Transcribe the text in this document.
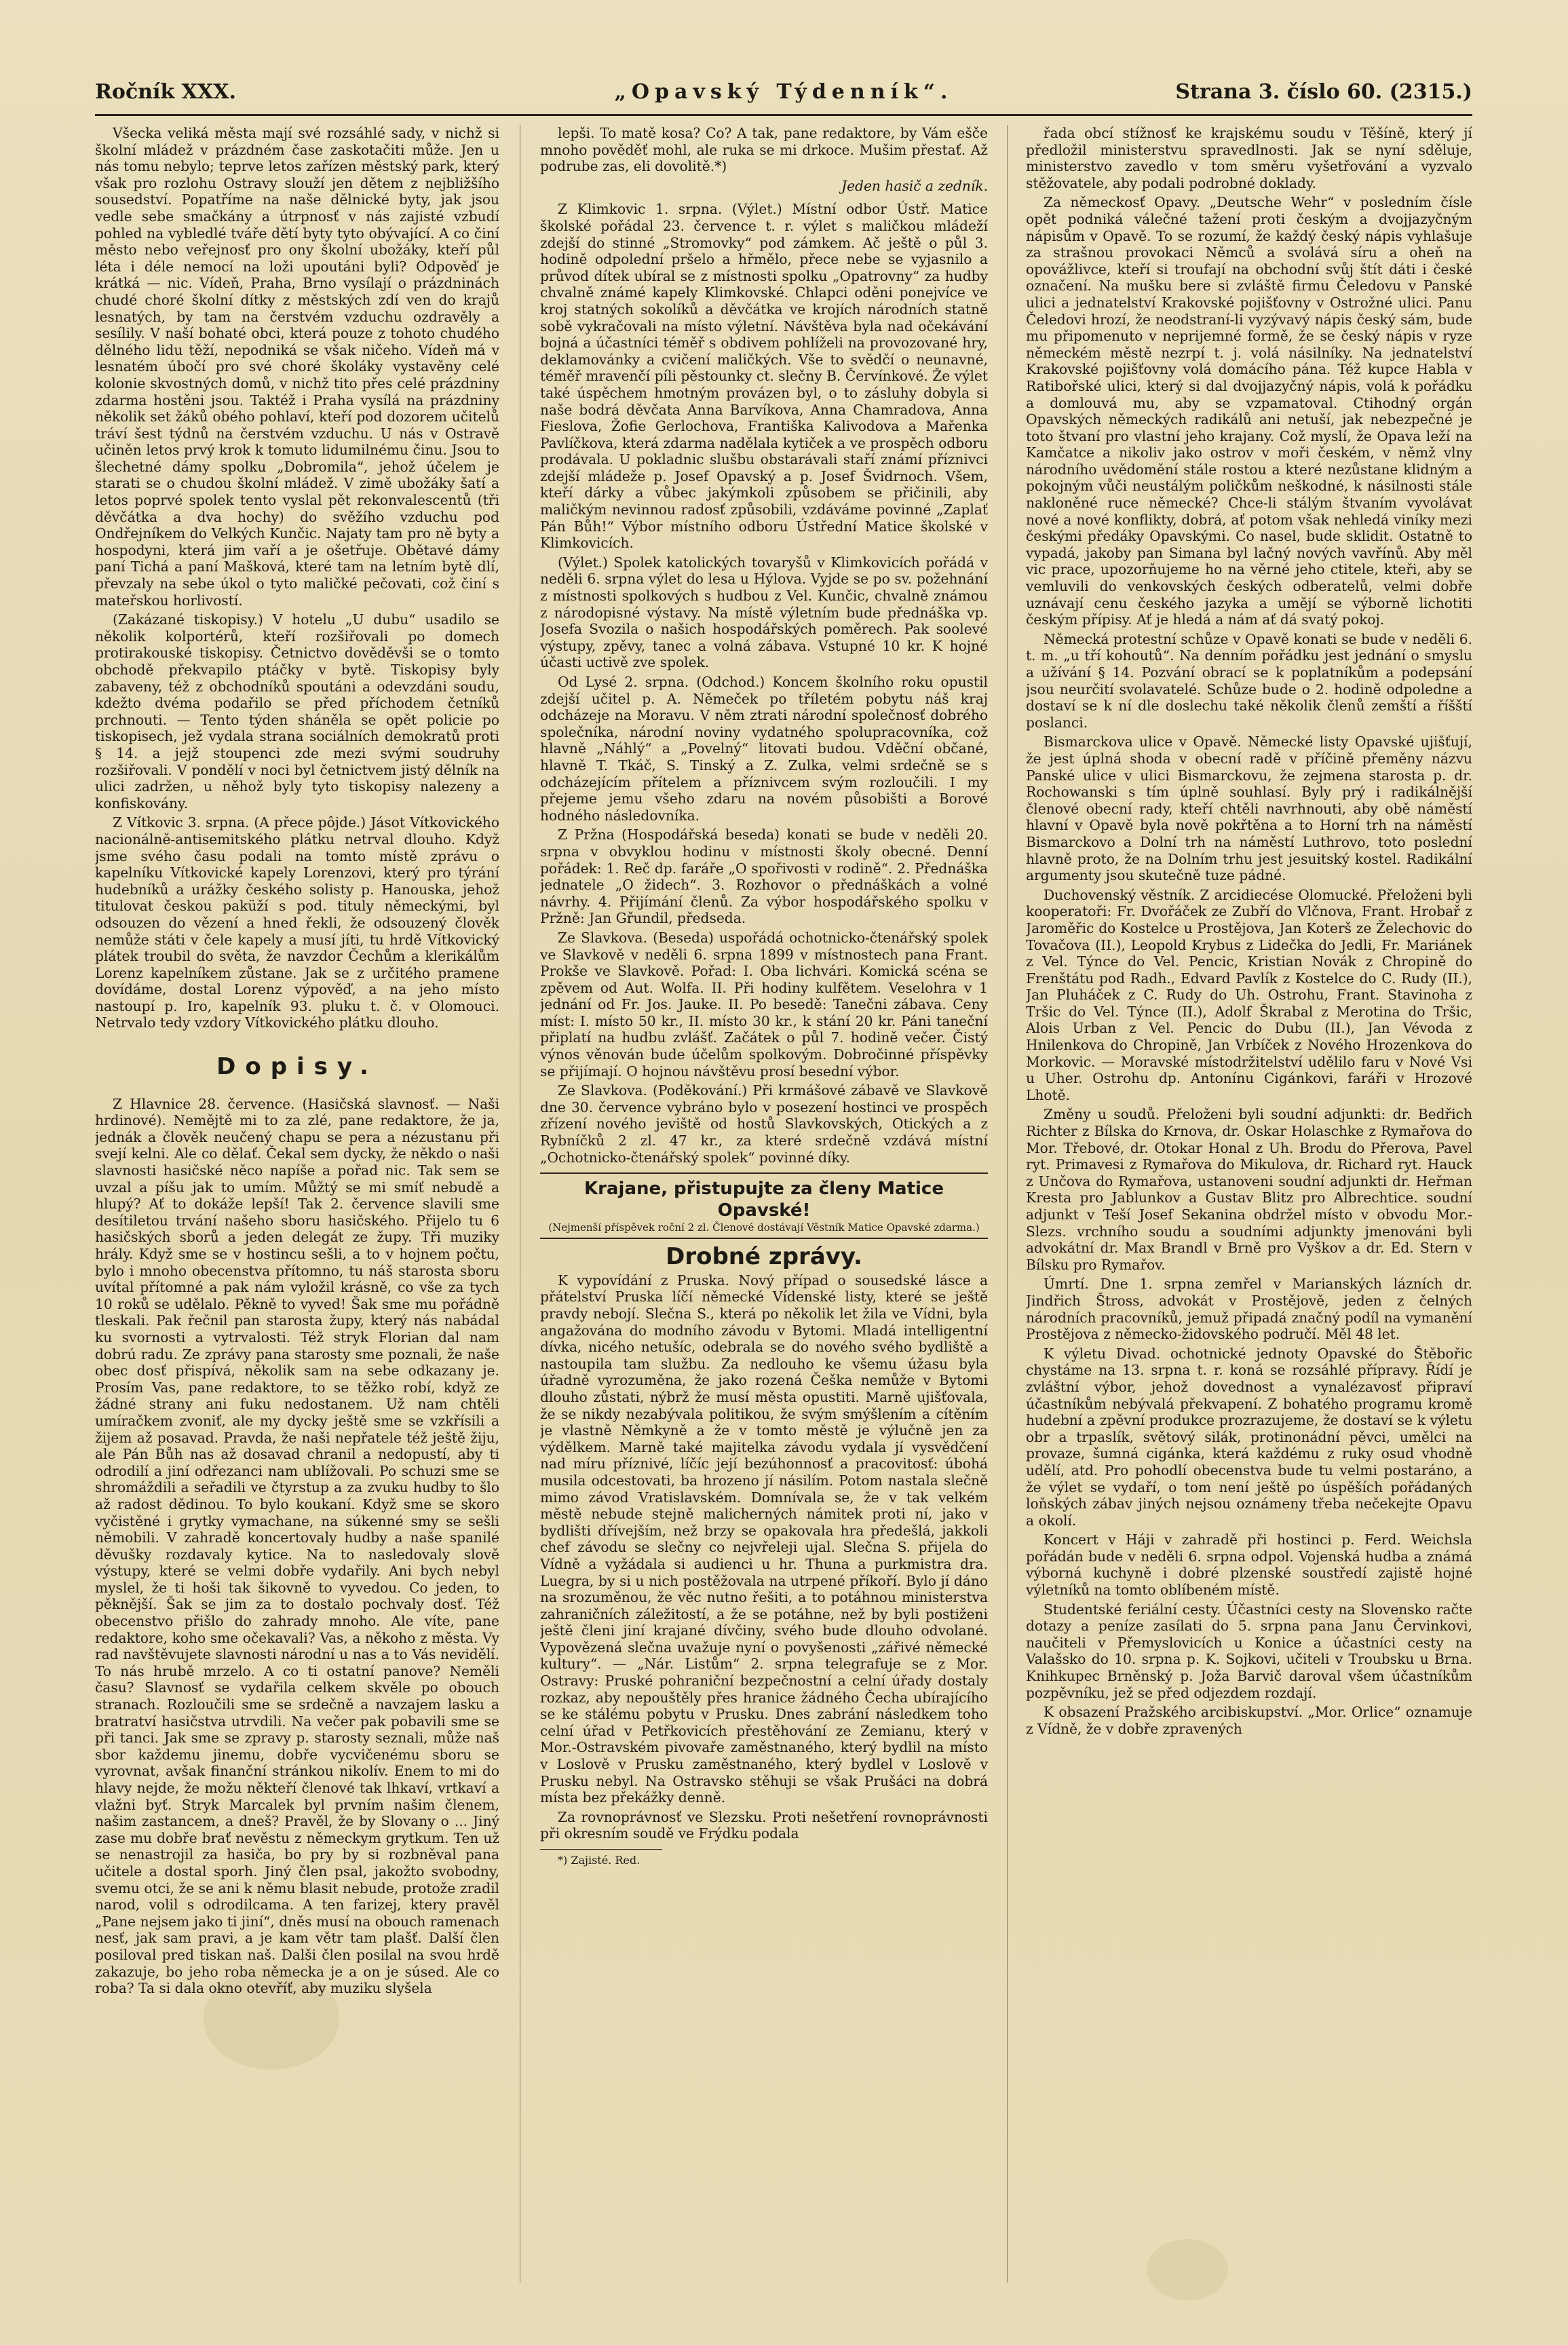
Ročník XXX.	„Opavský Týdenník“.	Strana 3. číslo 60. (2315.)

Všecka veliká města mají své rozsáhlé sady, v nichž si školní mládež v prázdném čase zaskotačiti může. Jen u nás tomu nebylo; teprve letos zařízen městský park, který však pro rozlohu Ostravy slouží jen dětem z nejbližšího sousedství. Popatříme na naše dělnické byty, jak jsou vedle sebe smačkány a útrpnosť v nás zajisté vzbudí pohled na vybledlé tváře dětí byty tyto obývající. A co činí město nebo veřejnosť pro ony školní ubožáky, kteří půl léta i déle nemocí na loži upoutáni byli? Odpověď je krátká — nic. Vídeň, Praha, Brno vysílají o prázdninách chudé choré školní dítky z městských zdí ven do krajů lesnatých, by tam na čerstvém vzduchu ozdravěly a sesílily. V naší bohaté obci, která pouze z tohoto chudého dělného lidu těží, nepodniká se však ničeho. Vídeň má v lesnatém úbočí pro své choré školáky vystavěny celé kolonie skvostných domů, v nichž tito přes celé prázdniny zdarma hostěni jsou. Taktéž i Praha vysílá na prázdniny několik set žáků obého pohlaví, kteří pod dozorem učitelů tráví šest týdnů na čerstvém vzduchu. U nás v Ostravě učiněn letos prvý krok k tomuto lidumilnému činu. Jsou to šlechetné dámy spolku „Dobromila“, jehož účelem je starati se o chudou školní mládež. V zimě ubožáky šatí a letos poprvé spolek tento vyslal pět rekonvalescentů (tři děvčátka a dva hochy) do svěžího vzduchu pod Ondřejníkem do Velkých Kunčic. Najaty tam pro ně byty a hospodyni, která jim vaří a je ošetřuje. Obětavé dámy paní Tichá a paní Mašková, které tam na letním bytě dlí, převzaly na sebe úkol o tyto maličké pečovati, což činí s mateřskou horlivostí.

(Zakázané tiskopisy.) V hotelu „U dubu“ usadilo se několik kolportérů, kteří rozšiřovali po domech protirakouské tiskopisy. Četnictvo dověděvši se o tomto obchodě překvapilo ptáčky v bytě. Tiskopisy byly zabaveny, též z obchodníků spoutáni a odevzdáni soudu, kdežto dvéma podařilo se před příchodem četníků prchnouti. — Tento týden sháněla se opět policie po tiskopisech, jež vydala strana sociálních demokratů proti § 14. a jejž stoupenci zde mezi svými soudruhy rozšiřovali. V pondělí v noci byl četnictvem jistý dělník na ulici zadržen, u něhož byly tyto tiskopisy nalezeny a konfiskovány.

Z Vítkovic 3. srpna. (A přece pôjde.) Jásot Vítkovického nacionálně-antisemitského plátku netrval dlouho. Když jsme svého času podali na tomto místě zprávu o kapelníku Vítkovické kapely Lorenzovi, který pro týrání hudebníků a urážky českého solisty p. Hanouska, jehož titulovat českou paküží s pod. tituly německými, byl odsouzen do vězení a hned řekli, že odsouzený člověk nemůže státi v čele kapely a musí jíti, tu hrdě Vítkovický plátek troubil do světa, že navzdor Čechům a klerikálům Lorenz kapelníkem zůstane. Jak se z určitého pramene dovídáme, dostal Lorenz výpověď, a na jeho místo nastoupí p. Iro, kapelník 93. pluku t. č. v Olomouci. Netrvalo tedy vzdory Vítkovického plátku dlouho.

Dopisy.

Z Hlavnice 28. července. (Hasičská slavnosť. — Naši hrdinové). Nemějtě mi to za zlé, pane redaktore, že ja, jednák a člověk neučený chapu se pera a nézustanu při svejí kelni. Ale co dělať. Čekal sem dycky, že někdo o naši slavnosti hasičské něco napíše a pořad nic. Tak sem se uvzal a píšu jak to umím. Můžtý se mi smíť nebudě a hlupý? Ať to dokáže lepší! Tak 2. července slavili sme desítiletou trvání našeho sboru hasičského. Přijelo tu 6 hasičských sborů a jeden delegát ze župy. Tři muziky hrály. Když sme se v hostincu sešli, a to v hojnem počtu, bylo i mnoho obecenstva přítomno, tu náš starosta sboru uvítal přítomné a pak nám vyložil krásně, co vše za tych 10 roků se udělalo. Pěkně to vyved! Šak sme mu pořádně tleskali. Pak řečnil pan starosta župy, který nás nabádal ku svornosti a vytrvalosti. Též stryk Florian dal nam dobrú radu. Ze zprávy pana starosty sme poznali, že naše obec dosť přispívá, několik sam na sebe odkazany je. Prosím Vas, pane redaktore, to se těžko robí, když ze žádné strany ani fuku nedostanem. Už nam chtěli umíračkem zvoniť, ale my dycky ještě sme se vzkřísili a žijem až posavad. Pravda, že naši nepřatele též ještě žiju, ale Pán Bůh nas až dosavad chranil a nedopustí, aby ti odrodilí a jiní odřezanci nam ublížovali. Po schuzi sme se shromáždili a seřadili ve čtyrstup a za zvuku hudby to šlo až radost dědinou. To bylo koukaní. Když sme se skoro vyčistěné i grytky vymachane, na súkenné smy se sešli němobili. V zahradě koncertovaly hudby a naše spanilé děvušky rozdavaly kytice. Na to nasledovaly slově výstupy, které se velmi dobře vydařily. Ani bych nebyl myslel, že ti hoši tak šikovně to vyvedou. Co jeden, to pěknější. Šak se jim za to dostalo pochvaly dosť. Též obecenstvo přišlo do zahrady mnoho. Ale víte, pane redaktore, koho sme očekavali? Vas, a někoho z města. Vy rad navštěvujete slavnosti národní u nas a to Vás nevidělí. To nás hrubě mrzelo. A co ti ostatní panove? Neměli času? Slavnosť se vydařila celkem skvěle po obouch stranach. Rozloučili sme se srdečně a navzajem lasku a bratratví hasičstva utrvdili. Na večer pak pobavili sme se při tanci. Jak sme se zpravy p. starosty seznali, může naš sbor každemu jinemu, dobře vycvičenému sboru se vyrovnat, avšak finanční stránkou nikolív. Enem to mi do hlavy nejde, že možu někteří členové tak lhkaví, vrtkaví a vlažni byť. Stryk Marcalek byl prvním našim členem, našim zastancem, a dneš? Pravěl, že by Slovany o ... Jiný zase mu dobře brať nevěstu z německym grytkum. Ten už se nenastrojil za hasiča, bo pry by si rozbněval pana učitele a dostal sporh. Jiný člen psal, jakožto svobodny, svemu otci, že se ani k němu blasit nebude, protože zradil narod, volil s odrodilcama. A ten farizej, ktery pravěl „Pane nejsem jako ti jiní“, dněs musí na obouch ramenach nesť, jak sam pravi, a je kam větr tam plašť. Další člen posiloval pred tiskan naš. Dalši člen posilal na svou hrdě zakazuje, bo jeho roba německa je a on je súsed. Ale co roba? Ta si dala okno otevříť, aby muziku slyšela

lepši. To matě kosa? Co? A tak, pane redaktore, by Vám ešče mnoho pověděť mohl, ale ruka se mi drkoce. Mušim přestať. Až podrube zas, eli dovolitě.*)

Jeden hasič a zedník.

Z Klimkovic 1. srpna. (Výlet.) Místní odbor Ústř. Matice školské pořádal 23. července t. r. výlet s maličkou mládeží zdejší do stinné „Stromovky“ pod zámkem. Ač ještě o půl 3. hodině odpolední pršelo a hřmělo, přece nebe se vyjasnilo a průvod dítek ubíral se z místnosti spolku „Opatrovny“ za hudby chvalně známé kapely Klimkovské. Chlapci oděni ponejvíce ve kroj statných sokolíků a děvčátka ve krojích národních statně sobě vykračovali na místo výletní. Návštěva byla nad očekávání bojná a účastníci téměř s obdivem pohlíželi na provozované hry, deklamovánky a cvičení maličkých. Vše to svědčí o neunavné, téměř mravenčí píli pěstounky ct. slečny B. Červínkové. Že výlet také úspěchem hmotným provázen byl, o to zásluhy dobyla si naše bodrá děvčata Anna Barvíkova, Anna Chamradova, Anna Fieslova, Žofie Gerlochova, Františka Kalivodova a Mařenka Pavlíčkova, která zdarma nadělala kytiček a ve prospěch odboru prodávala. U pokladnic slušbu obstarávali staří známí příznivci zdejší mládeže p. Josef Opavský a p. Josef Švidrnoch. Všem, kteří dárky a vůbec jakýmkoli způsobem se přičinili, aby maličkým nevinnou radosť způsobili, vzdáváme povinné „Zaplať Pán Bůh!“ Výbor místního odboru Ústřední Matice školské v Klimkovicích.

(Výlet.) Spolek katolických tovaryšů v Klimkovicích pořádá v neděli 6. srpna výlet do lesa u Hýlova. Vyjde se po sv. požehnání z místnosti spolkových s hudbou z Vel. Kunčic, chvalně známou z národopisné výstavy. Na místě výletním bude přednáška vp. Josefa Svozila o našich hospodářských poměrech. Pak soolevé výstupy, zpěvy, tanec a volná zábava. Vstupné 10 kr. K hojné účasti uctivě zve spolek.

Od Lysé 2. srpna. (Odchod.) Koncem školního roku opustil zdejší učitel p. A. Němeček po tříletém pobytu náš kraj odcházeje na Moravu. V něm ztrati národní společnosť dobrého společníka, národní noviny vydatného spolupracovníka, což hlavně „Náhlý“ a „Povelný“ litovati budou. Vděční občané, hlavně T. Tkáč, S. Tinský a Z. Zulka, velmi srdečně se s odcházejícím přítelem a příznivcem svým rozloučili. I my přejeme jemu všeho zdaru na novém působišti a Borové hodného následovníka.

Z Pržna (Hospodářská beseda) konati se bude v neděli 20. srpna v obvyklou hodinu v místnosti školy obecné. Denní pořádek: 1. Reč dp. faráře „O spořivosti v rodině“. 2. Přednáška jednatele „O židech“. 3. Rozhovor o přednáškách a volné návrhy. 4. Přijímání členů. Za výbor hospodářského spolku v Pržně: Jan Gřundil, předseda.

Ze Slavkova. (Beseda) uspořádá ochotnicko-čtenářský spolek ve Slavkově v neděli 6. srpna 1899 v místnostech pana Frant. Prokše ve Slavkově. Pořad: I. Oba lichvári. Komická scéna se zpěvem od Aut. Wolfa. II. Při hodiny kulfětem. Veselohra v 1 jednání od Fr. Jos. Jauke. II. Po besedě: Tanečni zábava. Ceny míst: I. místo 50 kr., II. místo 30 kr., k stání 20 kr. Páni taneční připlatí na hudbu zvlášť. Začátek o půl 7. hodině večer. Čistý výnos věnován bude účelům spolkovým. Dobročinné příspěvky se přijímají. O hojnou návštěvu prosí besední výbor.

Ze Slavkova. (Poděkování.) Při krmášové zábavě ve Slavkově dne 30. července vybráno bylo v posezení hostinci ve prospěch zřízení nového jeviště od hostů Slavkovských, Otických a z Rybníčků 2 zl. 47 kr., za které srdečně vzdává místní „Ochotnicko-čtenářský spolek“ povinné díky.

Krajane, přistupujte za členy Matice Opavské!
(Nejmenší příspěvek roční 2 zl. Členové dostávají Věstník Matice Opavské zdarma.)
Drobné zprávy.

K vypovídání z Pruska. Nový případ o sousedské lásce a přátelství Pruska líčí německé Vídenské listy, které se ještě pravdy nebojí. Slečna S., která po několik let žila ve Vídni, byla angažována do modního závodu v Bytomi. Mladá intelligentní dívka, nicého netušíc, odebrala se do nového svého bydliště a nastoupila tam službu. Za nedlouho ke všemu úžasu byla úřadně vyrozuměna, že jako rozená Češka nemůže v Bytomi dlouho zůstati, nýbrž že musí města opustiti. Marně ujišťovala, že se nikdy nezabývala politikou, že svým smýšlením a cítěním je vlastně Němkyně a že v tomto městě je výlučně jen za výdělkem. Marně také majitelka závodu vydala jí vysvědčení nad míru příznivé, líčíc její bezúhonnosť a pracovitosť: úbohá musila odcestovati, ba hrozeno jí násilím. Potom nastala slečně mimo závod Vratislavském. Domnívala se, že v tak velkém městě nebude stejně malicherných námitek proti ní, jako v bydlišti dřívejším, než brzy se opakovala hra předešlá, jakkoli chef závodu se slečny co nejvřeleji ujal. Slečna S. přijela do Vídně a vyžádala si audienci u hr. Thuna a purkmistra drа. Luegra, by si u nich postěžovala na utrpené příkoří. Bylo jí dáno na srozuměnou, že věc nutno řešiti, a to potáhnou ministerstva zahraničních záležitostí, a že se potáhne, než by byli postiženi ještě členi jiní krajané dívčiny, svého bude dlouho odvolané. Vypovězená slečna uvažuje nyní o povyšenosti „zářivé německé kultury“. — „Nár. Listům“ 2. srpna telegrafuje se z Mor. Ostravy: Pruské pohraniční bezpečnostní a celní úřady dostaly rozkaz, aby nepouštěly přes hranice žádného Čecha ubírajícího se ke stálému pobytu v Prusku. Dnes zabrání následkem toho celní úřad v Petřkovicích přestěhování ze Zemianu, který v Mor.-Ostravském pivovaře zaměstnaného, který bydlil na místo v Loslově v Prusku zaměstnaného, který bydlel v Loslově v Prusku nebyl. Na Ostravsko stěhuji se však Prušáci na dobrá místa bez překážky denně.

Za rovnoprávnosť ve Slezsku. Proti nešetření rovnoprávnosti při okresním soudě ve Frýdku podala

*) Zajisté. Red.

řada obcí stížnosť ke krajskému soudu v Těšíně, který jí předložil ministerstvu spravedlnosti. Jak se nyní sděluje, ministerstvo zavedlo v tom směru vyšetřování a vyzvalo stěžovatele, aby podali podrobné doklady.

Za německosť Opavy. „Deutsche Wehr“ v posledním čísle opět podniká válečné tažení proti českým a dvojjazyčným nápisům v Opavě. To se rozumí, že každý český nápis vyhlašuje za strašnou provokaci Němců a svolává síru a oheň na opovážlivce, kteří si troufají na obchodní svůj štít dáti i české označení. Na mušku bere si zvláště firmu Čeledovu v Panské ulici a jednatelství Krakovské pojišťovny v Ostrožné ulici. Panu Čeledovi hrozí, že neodstraní-li vyzývavý nápis český sám, bude mu připomenuto v neprijemné formě, že se český nápis v ryze německém městě nezrpí t. j. volá násilníky. Na jednatelství Krakovské pojišťovny volá domácího pána. Též kupce Habla v Ratibořské ulici, který si dal dvojjazyčný nápis, volá k pořádku a domlouvá mu, aby se vzpamatoval. Ctihodný orgán Opavských německých radikálů ani netuší, jak nebezpečné je toto štvaní pro vlastní jeho krajany. Což myslí, že Opava leží na Kamčatce a nikoliv jako ostrov v moři českém, v němž vlny národního uvědomění stále rostou a které nezůstane klidným a pokojným vůči neustálým poličkům neškodné, k násilnosti stále nakloněné ruce německé? Chce-li stálým štvaním vyvolávat nové a nové konflikty, dobrá, ať potom však nehledá viníky mezi českými předáky Opavskými. Co nasel, bude sklidit. Ostatně to vypadá, jakoby pan Simana byl lačný nových vavřínů. Aby měl vic prace, upozorňujeme ho na věrné jeho ctitele, kteři, aby se vemluvili do venkovských českých odberatelů, velmi dobře uznávají cenu českého jazyka a umějí se výborně lichotiti českým přípisy. Ať je hledá a nám ať dá svatý pokoj.

Německá protestní schůze v Opavě konati se bude v neděli 6. t. m. „u tří kohoutů“. Na denním pořádku jest jednání o smyslu a užívání § 14. Pozvání obrací se k poplatníkům a podepsání jsou neurčití svolavatelé. Schůze bude o 2. hodině odpoledne a dostaví se k ní dle doslechu také několik členů zemští a říšští poslanci.

Bismarckova ulice v Opavě. Německé listy Opavské ujišťují, že jest úplná shoda v obecní radě v příčině přeměny názvu Panské ulice v ulici Bismarckovu, že zejmena starosta p. dr. Rochowanski s tím úplně souhlasí. Byly prý i radikálnější členové obecní rady, kteří chtěli navrhnouti, aby obě náměstí hlavní v Opavě byla nově pokřtěna a to Horní trh na náměstí Bismarckovo a Dolní trh na náměstí Luthrovo, toto poslední hlavně proto, že na Dolním trhu jest jesuitský kostel. Radikální argumenty jsou skutečně tuze pádné.

Duchovenský věstník. Z arcidiecése Olomucké. Přeloženi byli kooperatoři: Fr. Dvořáček ze Zubří do Vlčnova, Frant. Hrobař z Jaroměřic do Kostelce u Prostějova, Jan Koterš ze Želechovic do Tovačova (II.), Leopold Krybus z Lidečka do Jedli, Fr. Mariánek z Vel. Týnce do Vel. Pencic, Kristian Novák z Chropině do Frenštátu pod Radh., Edvard Pavlík z Kostelce do C. Rudy (II.), Jan Pluháček z C. Rudy do Uh. Ostrohu, Frant. Stavinoha z Tršic do Vel. Týnce (II.), Adolf Škrabal z Merotina do Tršic, Alois Urban z Vel. Pencic do Dubu (II.), Jan Vévoda z Hnilenkova do Chropině, Jan Vrbíček z Nového Hrozenkova do Morkovic. — Moravské místodržitelství udělilo faru v Nové Vsi u Uher. Ostrohu dp. Antonínu Cigánkovi, faráři v Hrozové Lhotě.

Změny u soudů. Přeloženi byli soudní adjunkti: dr. Bedřich Richter z Bílska do Krnova, dr. Oskar Holaschke z Rymařova do Mor. Třebové, dr. Otokar Honal z Uh. Brodu do Přerova, Pavel ryt. Primavesi z Rymařova do Mikulova, dr. Richard ryt. Hauck z Unčova do Rymařova, ustanoveni soudní adjunkti dr. Heřman Kresta pro Jablunkov a Gustav Blitz pro Albrechtice. soudní adjunkt v Teší Josef Sekanina obdržel místo v obvodu Mor.-Slezs. vrchního soudu a soudními adjunkty jmenováni byli advokátní dr. Max Brandl v Brně pro Vyškov a dr. Ed. Stern v Bílsku pro Rymařov.

Úmrtí. Dne 1. srpna zemřel v Marianských lázních dr. Jindřich Štross, advokát v Prostějově, jeden z čelných národních pracovníků, jemuž připadá značný podíl na vymanění Prostějova z německo-židovského područí. Měl 48 let.

K výletu Divad. ochotnické jednoty Opavské do Štěbořic chystáme na 13. srpna t. r. koná se rozsáhlé přípravy. Řídí je zvláštní výbor, jehož dovednost a vynalézavosť připraví účastníkům nebývalá překvapení. Z bohatého programu kromě hudební a zpěvní produkce prozrazujeme, že dostaví se k výletu obr a trpaslík, světový silák, protinonádní pěvci, umělci na provaze, šumná cigánka, která každému z ruky osud vhodně udělí, atd. Pro pohodlí obecenstva bude tu velmi postaráno, a že výlet se vydaří, o tom není ještě po úspěších pořádaných loňských zábav jiných nejsou oznámeny třeba nečekejte Opavu a okolí.

Koncert v Háji v zahradě při hostinci p. Ferd. Weichsla pořádán bude v neděli 6. srpna odpol. Vojenská hudba a známá výborná kuchyně i dobré plzenské soustředí zajistě hojné výletníků na tomto oblíbeném místě.

Studentské feriální cesty. Účastníci cesty na Slovensko račte dotazy a peníze zasílati do 5. srpna pana Janu Červinkovi, naučiteli v Přemyslovicích u Konice a účastníci cesty na Valašsko do 10. srpna p. K. Sojkovi, učiteli v Troubsku u Brna. Knihkupec Brněnský p. Joža Barvič daroval všem účastníkům pozpěvníku, jež se před odjezdem rozdají.

K obsazení Pražského arcibiskupství. „Mor. Orlice“ oznamuje z Vídně, že v dobře zpravených
